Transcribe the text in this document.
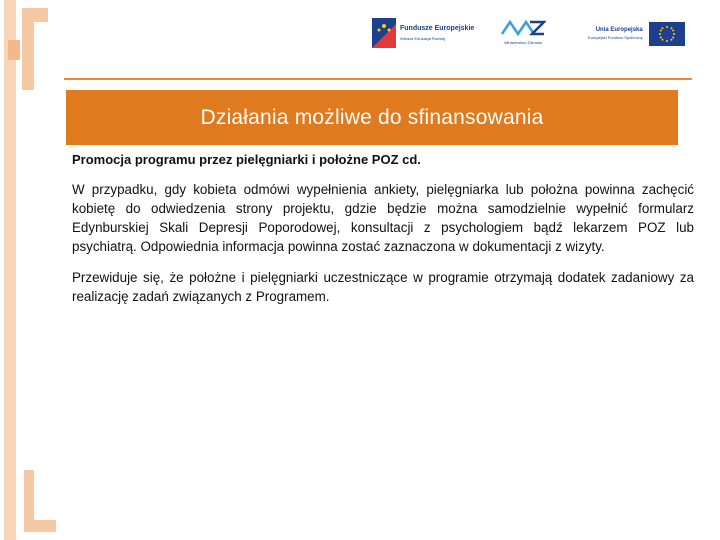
Fundusze Europejskie
Wiedza Edukacja Rozwój
Ministerstwo Zdrowia
Unia Europejska
Europejski Fundusz Społeczny
Działania możliwe do sfinansowania

Promocja programu przez pielęgniarki i położne POZ cd.

W przypadku, gdy kobieta odmówi wypełnienia ankiety, pielęgniarka lub położna powinna zachęcić kobietę do odwiedzenia strony projektu, gdzie będzie można samodzielnie wypełnić formularz Edynburskiej Skali Depresji Poporodowej, konsultacji z psychologiem bądź lekarzem POZ lub psychiatrą. Odpowiednia informacja powinna zostać zaznaczona w dokumentacji z wizyty.

Przewiduje się, że położne i pielęgniarki uczestniczące w programie otrzymają dodatek zadaniowy za realizację zadań związanych z Programem.
